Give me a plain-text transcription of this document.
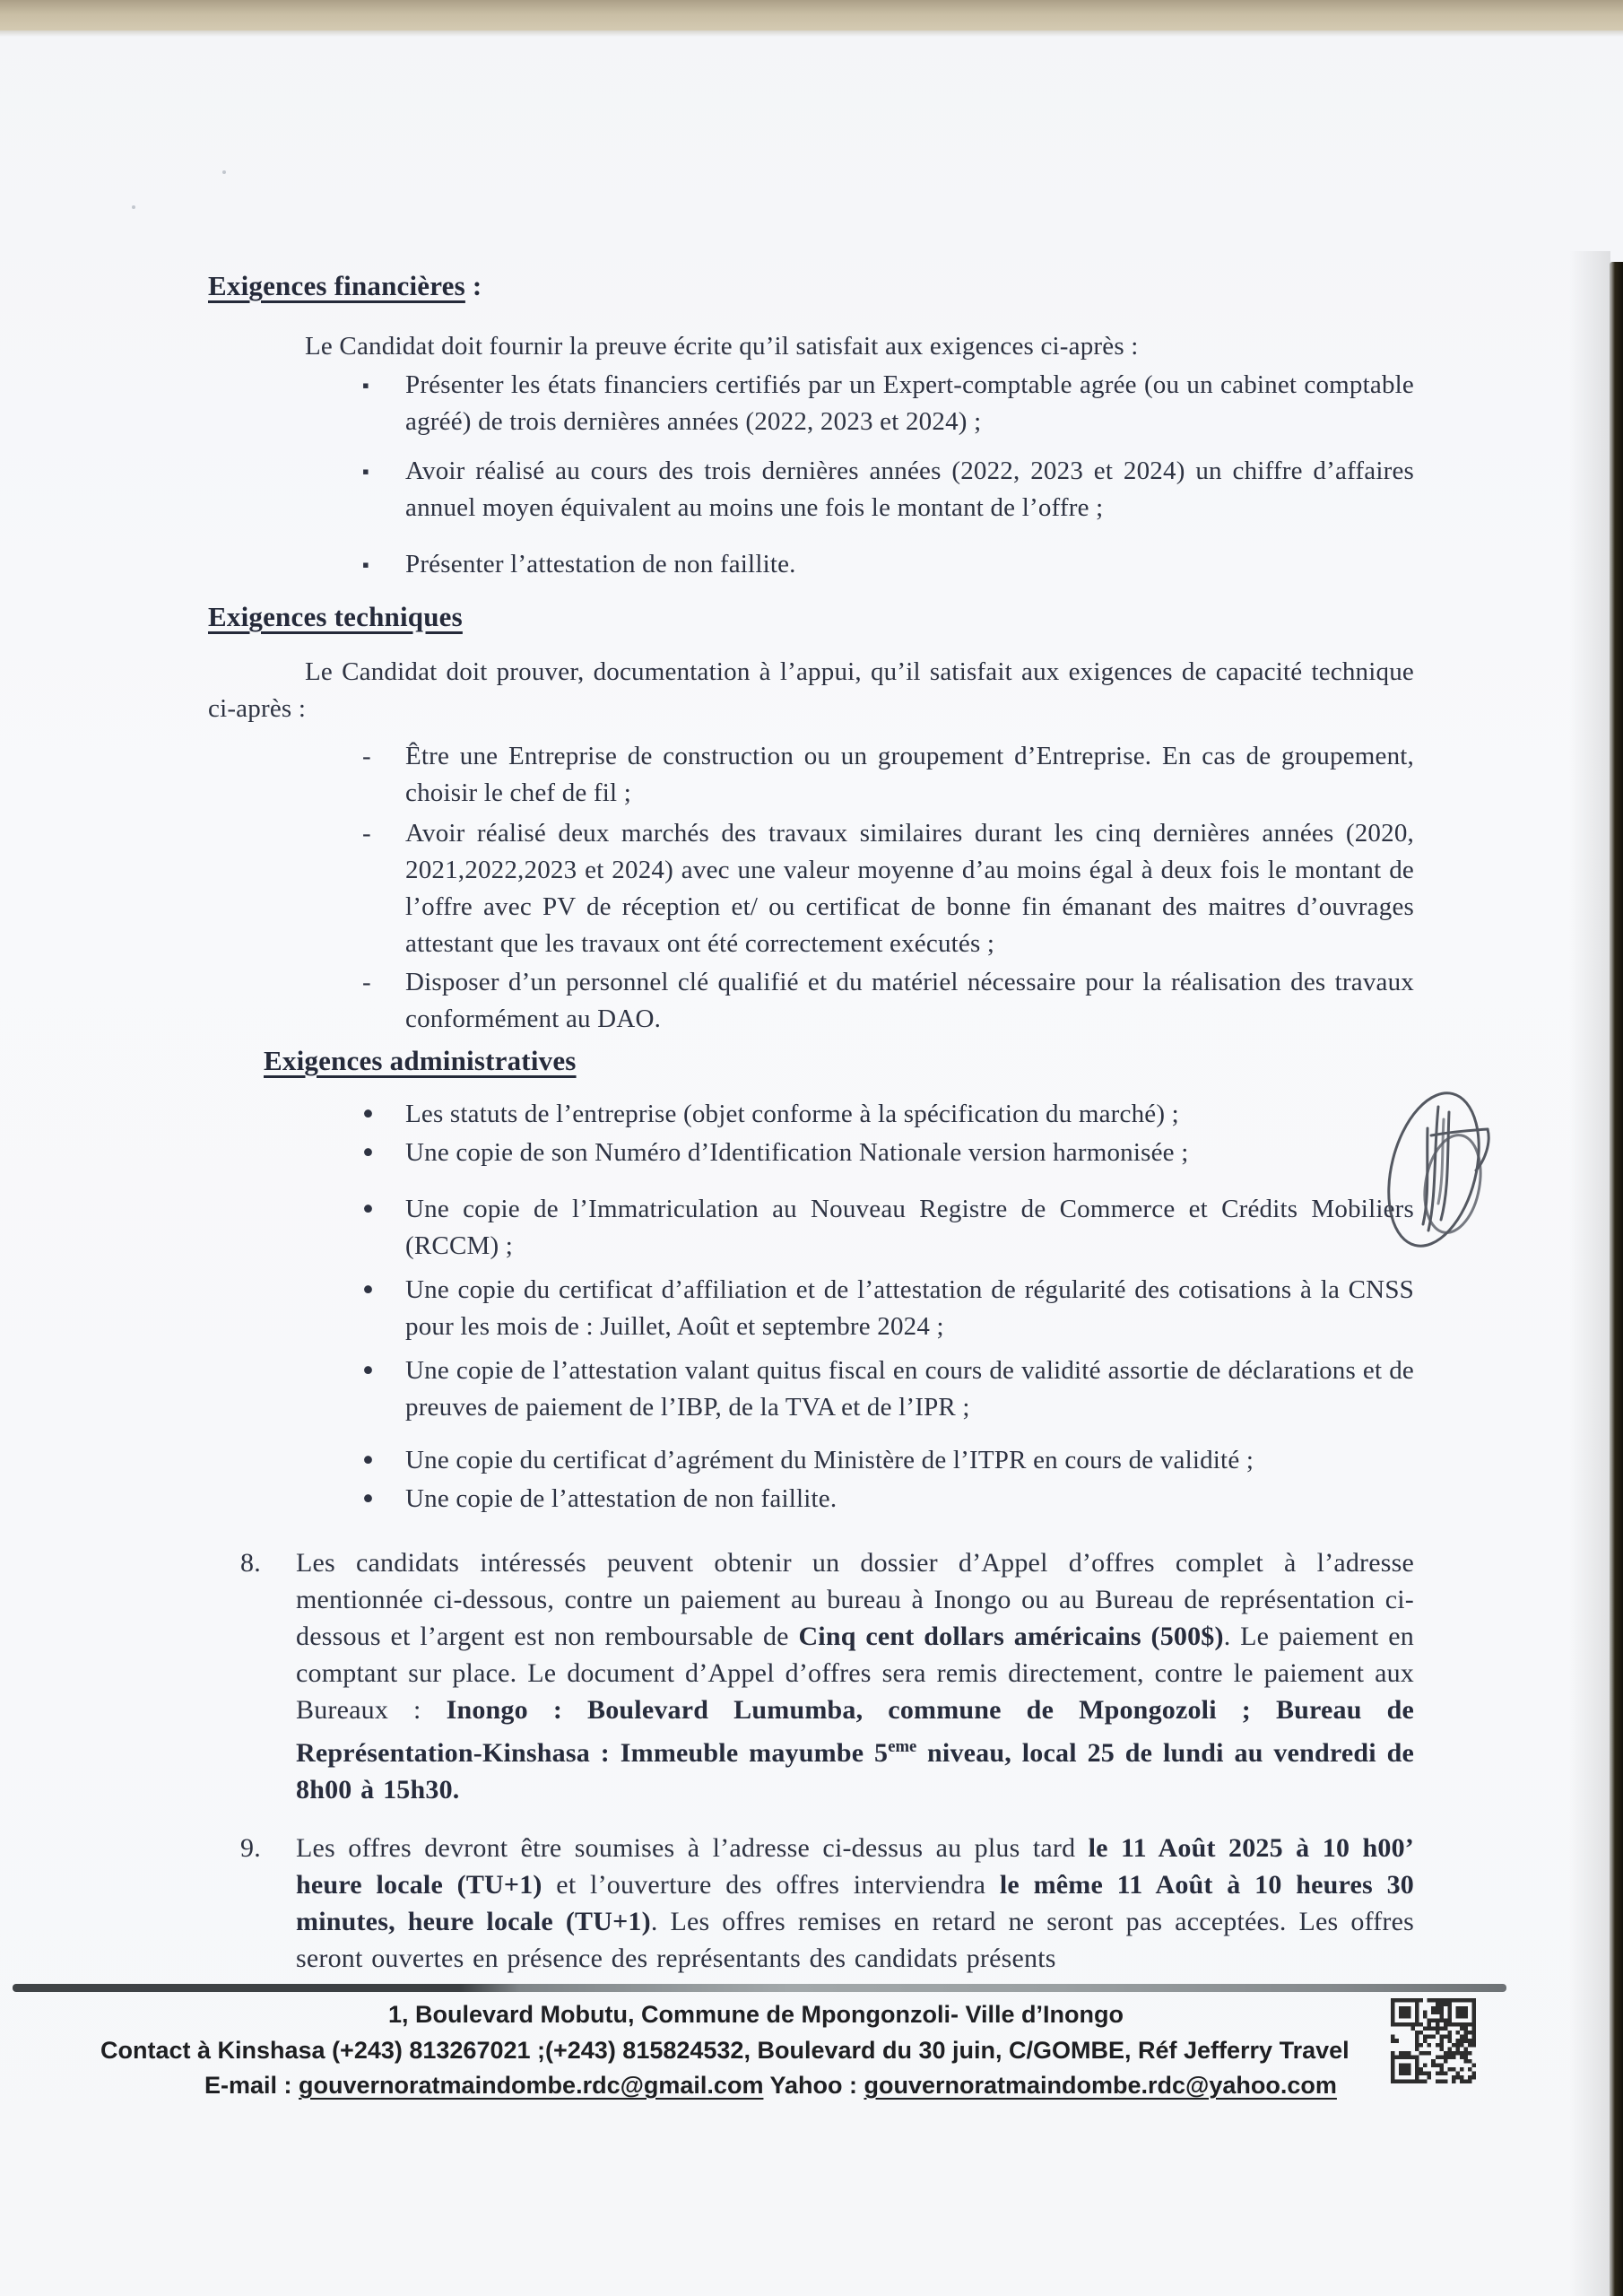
Exigences financières :

Le Candidat doit fournir la preuve écrite qu’il satisfait aux exigences ci-après :

▪ Présenter les états financiers certifiés par un Expert-comptable agrée (ou un cabinet comptable agréé) de trois dernières années (2022, 2023 et 2024) ;
▪ Avoir réalisé au cours des trois dernières années (2022, 2023 et 2024) un chiffre d’affaires annuel moyen équivalent au moins une fois le montant de l’offre ;
▪ Présenter l’attestation de non faillite.
Exigences techniques

Le Candidat doit prouver, documentation à l’appui, qu’il satisfait aux exigences de capacité technique ci-après :

- Être une Entreprise de construction ou un groupement d’Entreprise. En cas de groupement, choisir le chef de fil ;
- Avoir réalisé deux marchés des travaux similaires durant les cinq dernières années (2020, 2021,2022,2023 et 2024) avec une valeur moyenne d’au moins égal à deux fois le montant de l’offre avec PV de réception et/ ou certificat de bonne fin émanant des maitres d’ouvrages attestant que les travaux ont été correctement exécutés ;
- Disposer d’un personnel clé qualifié et du matériel nécessaire pour la réalisation des travaux conformément au DAO.
Exigences administratives
• Les statuts de l’entreprise (objet conforme à la spécification du marché) ;
• Une copie de son Numéro d’Identification Nationale version harmonisée ;
• Une copie de l’Immatriculation au Nouveau Registre de Commerce et Crédits Mobiliers (RCCM) ;
• Une copie du certificat d’affiliation et de l’attestation de régularité des cotisations à la CNSS pour les mois de : Juillet, Août et septembre 2024 ;
• Une copie de l’attestation valant quitus fiscal en cours de validité assortie de déclarations et de preuves de paiement de l’IBP, de la TVA et de l’IPR ;
• Une copie du certificat d’agrément du Ministère de l’ITPR en cours de validité ;
• Une copie de l’attestation de non faillite.
8. Les candidats intéressés peuvent obtenir un dossier d’Appel d’offres complet à l’adresse mentionnée ci-dessous, contre un paiement au bureau à Inongo ou au Bureau de représentation ci-dessous et l’argent est non remboursable de Cinq cent dollars américains (500$). Le paiement en comptant sur place. Le document d’Appel d’offres sera remis directement, contre le paiement aux Bureaux : Inongo : Boulevard Lumumba, commune de Mpongozoli ; Bureau de Représentation-Kinshasa : Immeuble mayumbe 5eme niveau, local 25 de lundi au vendredi de 8h00 à 15h30.
9. Les offres devront être soumises à l’adresse ci-dessus au plus tard le 11 Août 2025 à 10 h00’ heure locale (TU+1) et l’ouverture des offres interviendra le même 11 Août à 10 heures 30 minutes, heure locale (TU+1). Les offres remises en retard ne seront pas acceptées. Les offres seront ouvertes en présence des représentants des candidats présents
1, Boulevard Mobutu, Commune de Mpongonzoli- Ville d’Inongo
Contact à Kinshasa (+243) 813267021 ;(+243) 815824532, Boulevard du 30 juin, C/GOMBE, Réf Jefferry Travel
E-mail : gouvernoratmaindombe.rdc@gmail.com Yahoo : gouvernoratmaindombe.rdc@yahoo.com
